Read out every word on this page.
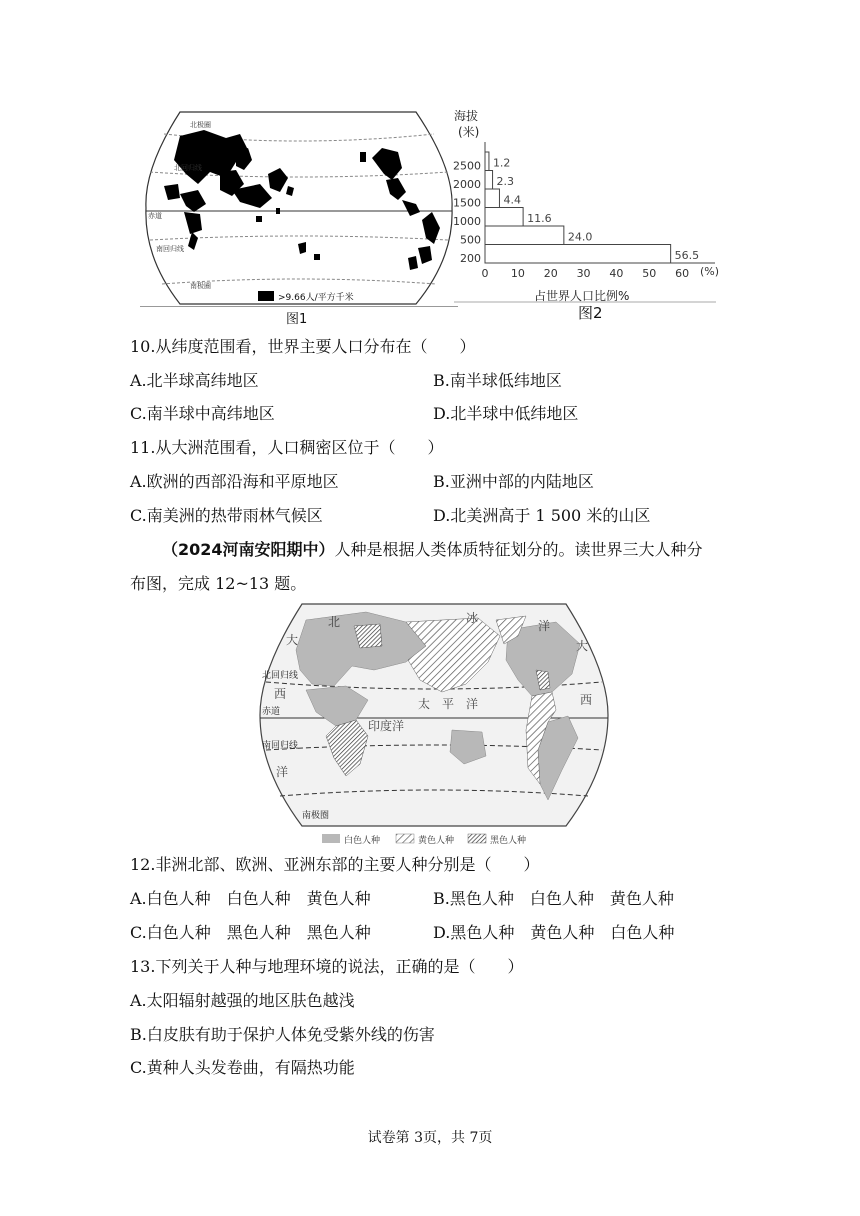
北极圈
北回归线
赤道
南回归线
南极圈
>9.66人/平方千米
图1
海拔
(米)
2500
2000
1500
1000
500
200
1.2
2.3
4.4
11.6
24.0
56.5
0 10 20 30 40 50 60 (%)
占世界人口比例%
图2
10.从纬度范围看，世界主要人口分布在（　　）
A.北半球高纬地区	B.南半球低纬地区
C.南半球中高纬地区	D.北半球中低纬地区
11.从大洲范围看，人口稠密区位于（　　）
A.欧洲的西部沿海和平原地区	B.亚洲中部的内陆地区
C.南美洲的热带雨林气候区	D.北美洲高于 1 500 米的山区
（2024河南安阳期中）人种是根据人类体质特征划分的。读世界三大人种分
布图，完成 12~13 题。
北	冰
洋
大	大
西	西
洋
太　平　洋
印度洋
北回归线
赤道
南回归线
南极圈
白色人种	黄色人种	黑色人种
12.非洲北部、欧洲、亚洲东部的主要人种分别是（　　）
A.白色人种　白色人种　黄色人种	B.黑色人种　白色人种　黄色人种
C.白色人种　黑色人种　黑色人种	D.黑色人种　黄色人种　白色人种
13.下列关于人种与地理环境的说法，正确的是（　　）
A.太阳辐射越强的地区肤色越浅
B.白皮肤有助于保护人体免受紫外线的伤害
C.黄种人头发卷曲，有隔热功能
试卷第 3页，共 7页
